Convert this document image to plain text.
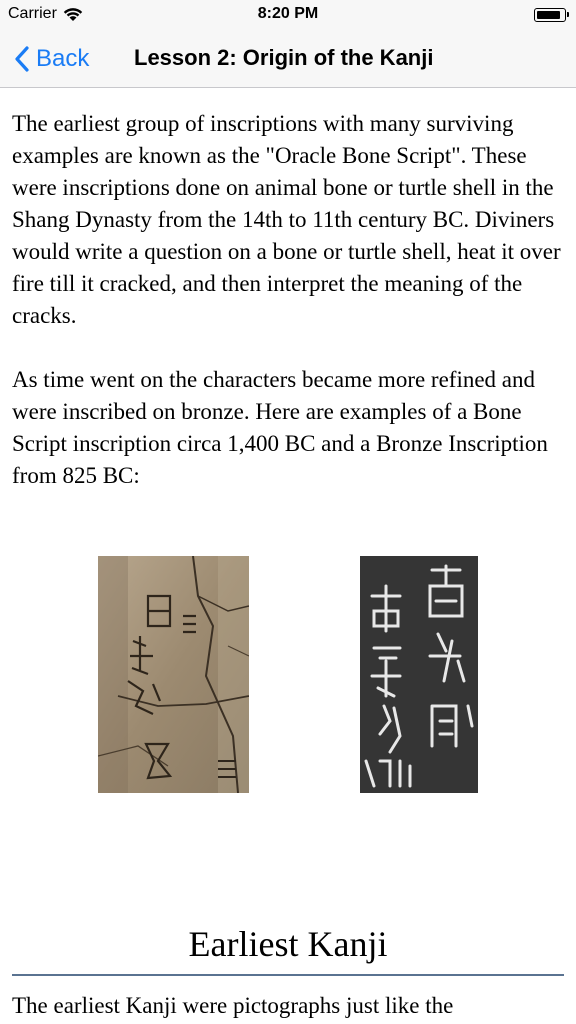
Carrier	8:20 PM
Back Lesson 2: Origin of the Kanji

The earliest group of inscriptions with many surviving examples are known as the "Oracle Bone Script". These were inscriptions done on animal bone or turtle shell in the Shang Dynasty from the 14th to 11th century BC. Diviners would write a question on a bone or turtle shell, heat it over fire till it cracked, and then interpret the meaning of the cracks.

As time went on the characters became more refined and were inscribed on bronze. Here are examples of a Bone Script inscription circa 1,400 BC and a Bronze Inscription from 825 BC:

Earliest Kanji
The earliest Kanji were pictographs just like the
